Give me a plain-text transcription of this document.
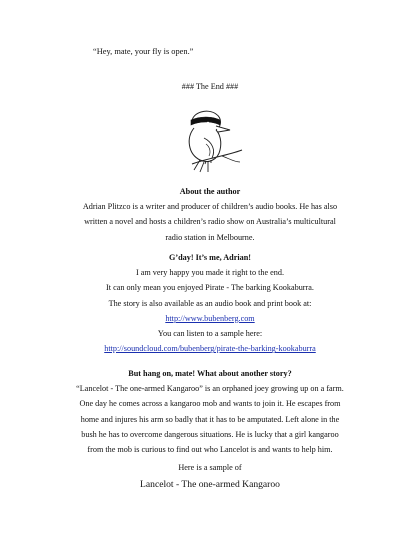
“Hey, mate, your fly is open.”
### The End ###
About the author
Adrian Plitzco is a writer and producer of children’s audio books. He has also
written a novel and hosts a children’s radio show on Australia’s multicultural
radio station in Melbourne.
G’day! It’s me, Adrian!
I am very happy you made it right to the end.
It can only mean you enjoyed Pirate - The barking Kookaburra.
The story is also available as an audio book and print book at:
http://www.bubenberg.com
You can listen to a sample here:
http://soundcloud.com/bubenberg/pirate-the-barking-kookaburra
But hang on, mate! What about another story?
“Lancelot - The one-armed Kangaroo” is an orphaned joey growing up on a farm.
One day he comes across a kangaroo mob and wants to join it. He escapes from
home and injures his arm so badly that it has to be amputated. Left alone in the
bush he has to overcome dangerous situations. He is lucky that a girl kangaroo
from the mob is curious to find out who Lancelot is and wants to help him.
Here is a sample of
Lancelot - The one-armed Kangaroo
